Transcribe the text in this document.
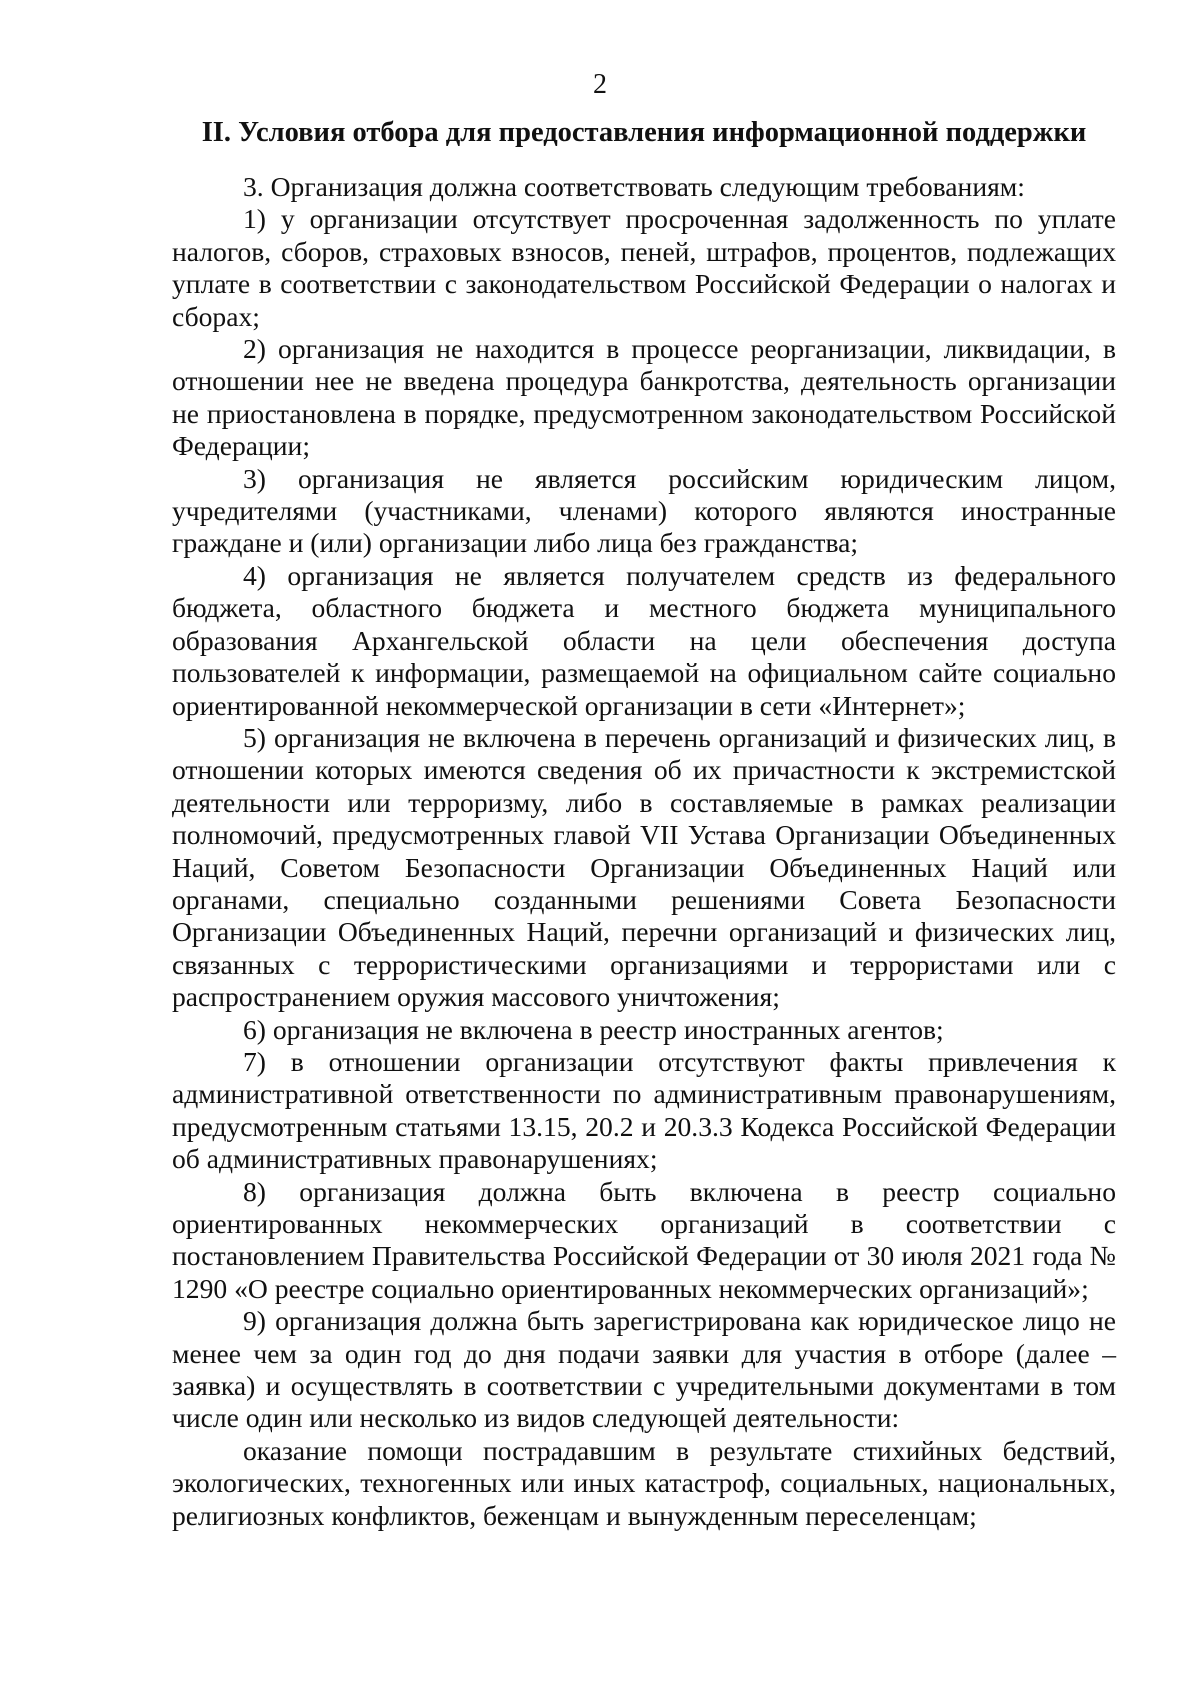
2
II. Условия отбора для предоставления информационной поддержки

3. Организация должна соответствовать следующим требованиям:

1) у организации отсутствует просроченная задолженность по уплате налогов, сборов, страховых взносов, пеней, штрафов, процентов, подлежащих уплате в соответствии с законодательством Российской Федерации о налогах и сборах;

2) организация не находится в процессе реорганизации, ликвидации, в отношении нее не введена процедура банкротства, деятельность организации не приостановлена в порядке, предусмотренном законодательством Российской Федерации;

3) организация не является российским юридическим лицом, учредителями (участниками, членами) которого являются иностранные граждане и (или) организации либо лица без гражданства;

4) организация не является получателем средств из федерального бюджета, областного бюджета и местного бюджета муниципального образования Архангельской области на цели обеспечения доступа пользователей к информации, размещаемой на официальном сайте социально ориентированной некоммерческой организации в сети «Интернет»;

5) организация не включена в перечень организаций и физических лиц, в отношении которых имеются сведения об их причастности к экстремистской деятельности или терроризму, либо в составляемые в рамках реализации полномочий, предусмотренных главой VII Устава Организации Объединенных Наций, Советом Безопасности Организации Объединенных Наций или органами, специально созданными решениями Совета Безопасности Организации Объединенных Наций, перечни организаций и физических лиц, связанных с террористическими организациями и террористами или с распространением оружия массового уничтожения;

6) организация не включена в реестр иностранных агентов;

7) в отношении организации отсутствуют факты привлечения к административной ответственности по административным правонарушениям, предусмотренным статьями 13.15, 20.2 и 20.3.3 Кодекса Российской Федерации об административных правонарушениях;

8) организация должна быть включена в реестр социально ориентированных некоммерческих организаций в соответствии с постановлением Правительства Российской Федерации от 30 июля 2021 года № 1290 «О реестре социально ориентированных некоммерческих организаций»;

9) организация должна быть зарегистрирована как юридическое лицо не менее чем за один год до дня подачи заявки для участия в отборе (далее – заявка) и осуществлять в соответствии с учредительными документами в том числе один или несколько из видов следующей деятельности:

оказание помощи пострадавшим в результате стихийных бедствий, экологических, техногенных или иных катастроф, социальных, национальных, религиозных конфликтов, беженцам и вынужденным переселенцам;
